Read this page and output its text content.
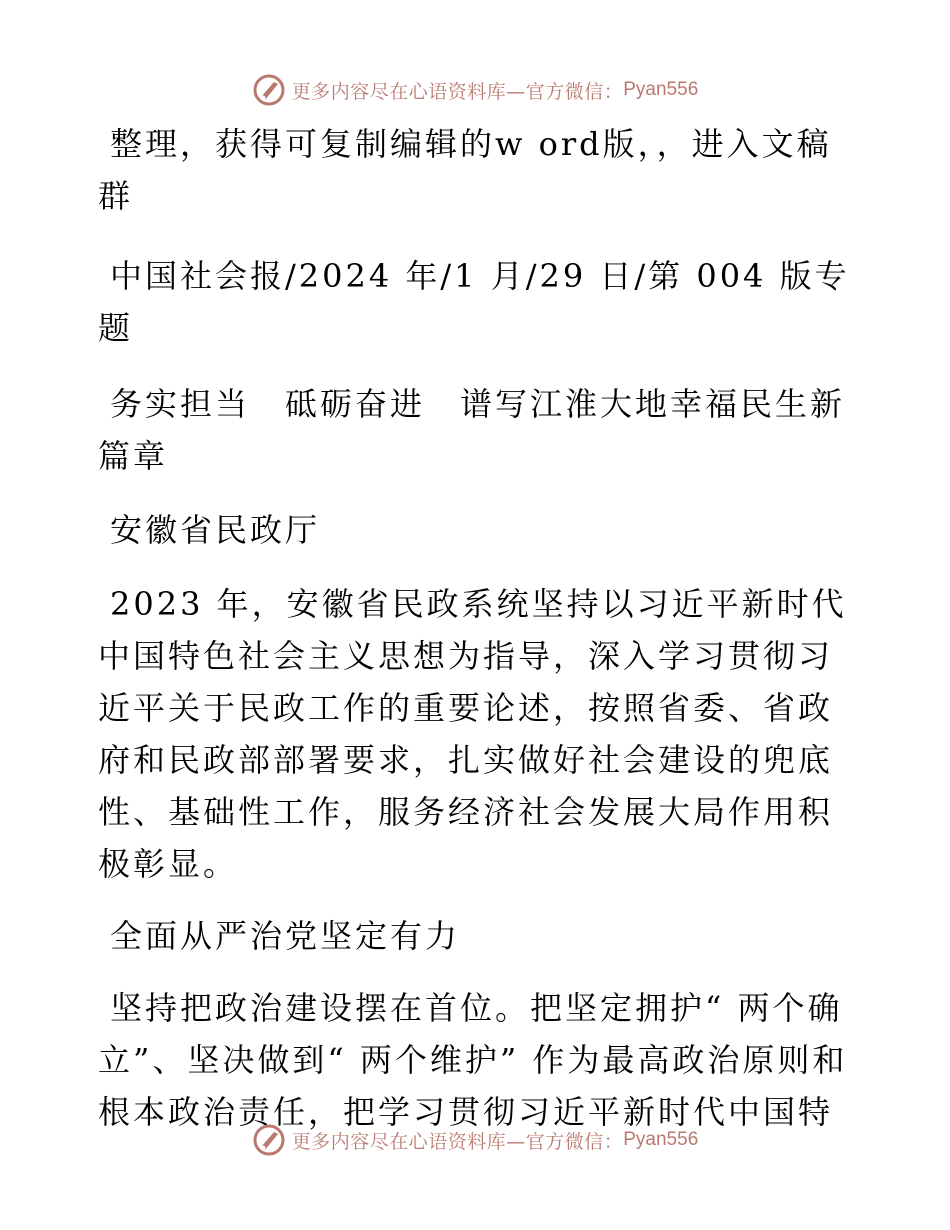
更多内容尽在心语资料库—官方微信： Pyan556

整理，获得可复制编辑的w ord版，，进入文稿群

中国社会报/2024 年/1 月/29 日/第 004 版专题

务实担当　砥砺奋进　谱写江淮大地幸福民生新篇章

安徽省民政厅

2023 年，安徽省民政系统坚持以习近平新时代中国特色社会主义思想为指导，深入学习贯彻习近平关于民政工作的重要论述，按照省委、省政府和民政部部署要求，扎实做好社会建设的兜底性、基础性工作，服务经济社会发展大局作用积极彰显。

全面从严治党坚定有力

坚持把政治建设摆在首位。把坚定拥护“ 两个确立”、坚决做到“ 两个维护” 作为最高政治原则和根本政治责任，把学习贯彻习近平新时代中国特

更多内容尽在心语资料库—官方微信： Pyan556
